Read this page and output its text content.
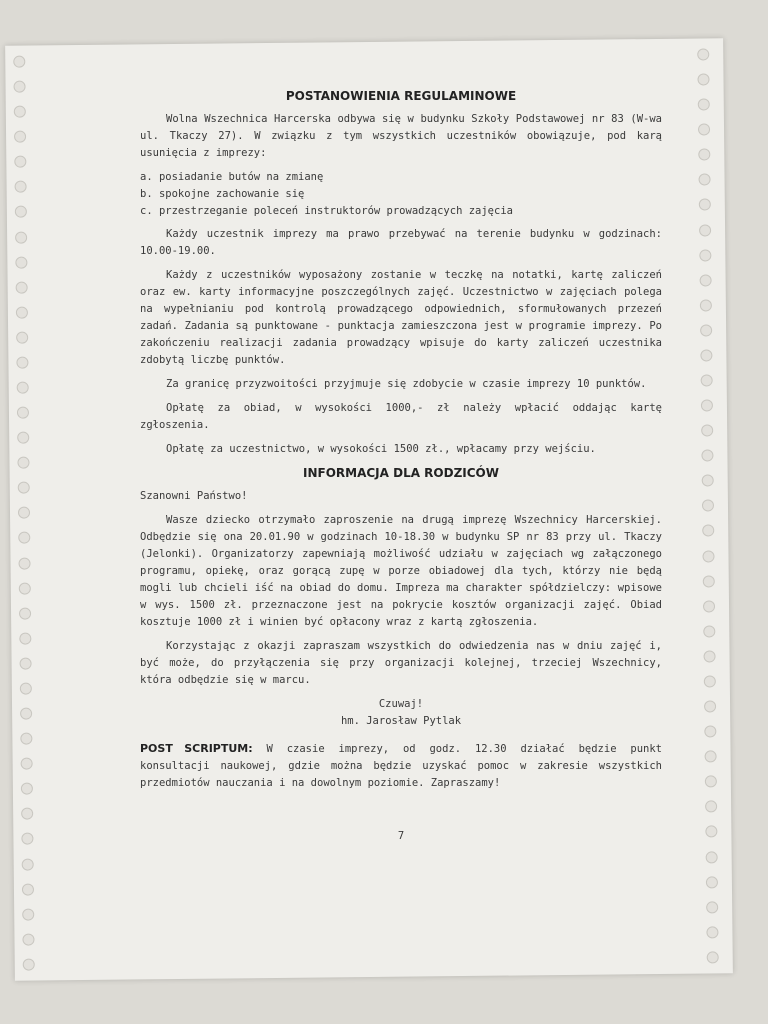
POSTANOWIENIA REGULAMINOWE

Wolna Wszechnica Harcerska odbywa się w budynku Szkoły Podstawowej nr 83 (W-wa ul. Tkaczy 27). W związku z tym wszystkich uczestników obowiązuje, pod karą usunięcia z imprezy:

a. posiadanie butów na zmianę
b. spokojne zachowanie się
c. przestrzeganie poleceń instruktorów prowadzących zajęcia

Każdy uczestnik imprezy ma prawo przebywać na terenie budynku w godzinach: 10.00-19.00.

Każdy z uczestników wyposażony zostanie w teczkę na notatki, kartę zaliczeń oraz ew. karty informacyjne poszczególnych zajęć. Uczestnictwo w zajęciach polega na wypełnianiu pod kontrolą prowadzącego odpowiednich, sformułowanych przezeń zadań. Zadania są punktowane - punktacja zamieszczona jest w programie imprezy. Po zakończeniu realizacji zadania prowadzący wpisuje do karty zaliczeń uczestnika zdobytą liczbę punktów.

Za granicę przyzwoitości przyjmuje się zdobycie w czasie imprezy 10 punktów.

Opłatę za obiad, w wysokości 1000,- zł należy wpłacić oddając kartę zgłoszenia.

Opłatę za uczestnictwo, w wysokości 1500 zł., wpłacamy przy wejściu.

INFORMACJA DLA RODZICÓW

Szanowni Państwo!

Wasze dziecko otrzymało zaproszenie na drugą imprezę Wszechnicy Harcerskiej. Odbędzie się ona 20.01.90 w godzinach 10-18.30 w budynku SP nr 83 przy ul. Tkaczy (Jelonki). Organizatorzy zapewniają możliwość udziału w zajęciach wg załączonego programu, opiekę, oraz gorącą zupę w porze obiadowej dla tych, którzy nie będą mogli lub chcieli iść na obiad do domu. Impreza ma charakter spółdzielczy: wpisowe w wys. 1500 zł. przeznaczone jest na pokrycie kosztów organizacji zajęć. Obiad kosztuje 1000 zł i winien być opłacony wraz z kartą zgłoszenia.

Korzystając z okazji zapraszam wszystkich do odwiedzenia nas w dniu zajęć i, być może, do przyłączenia się przy organizacji kolejnej, trzeciej Wszechnicy, która odbędzie się w marcu.

Czuwaj!

hm. Jarosław Pytlak

POST SCRIPTUM: W czasie imprezy, od godz. 12.30 działać będzie punkt konsultacji naukowej, gdzie można będzie uzyskać pomoc w zakresie wszystkich przedmiotów nauczania i na dowolnym poziomie. Zapraszamy!

7
